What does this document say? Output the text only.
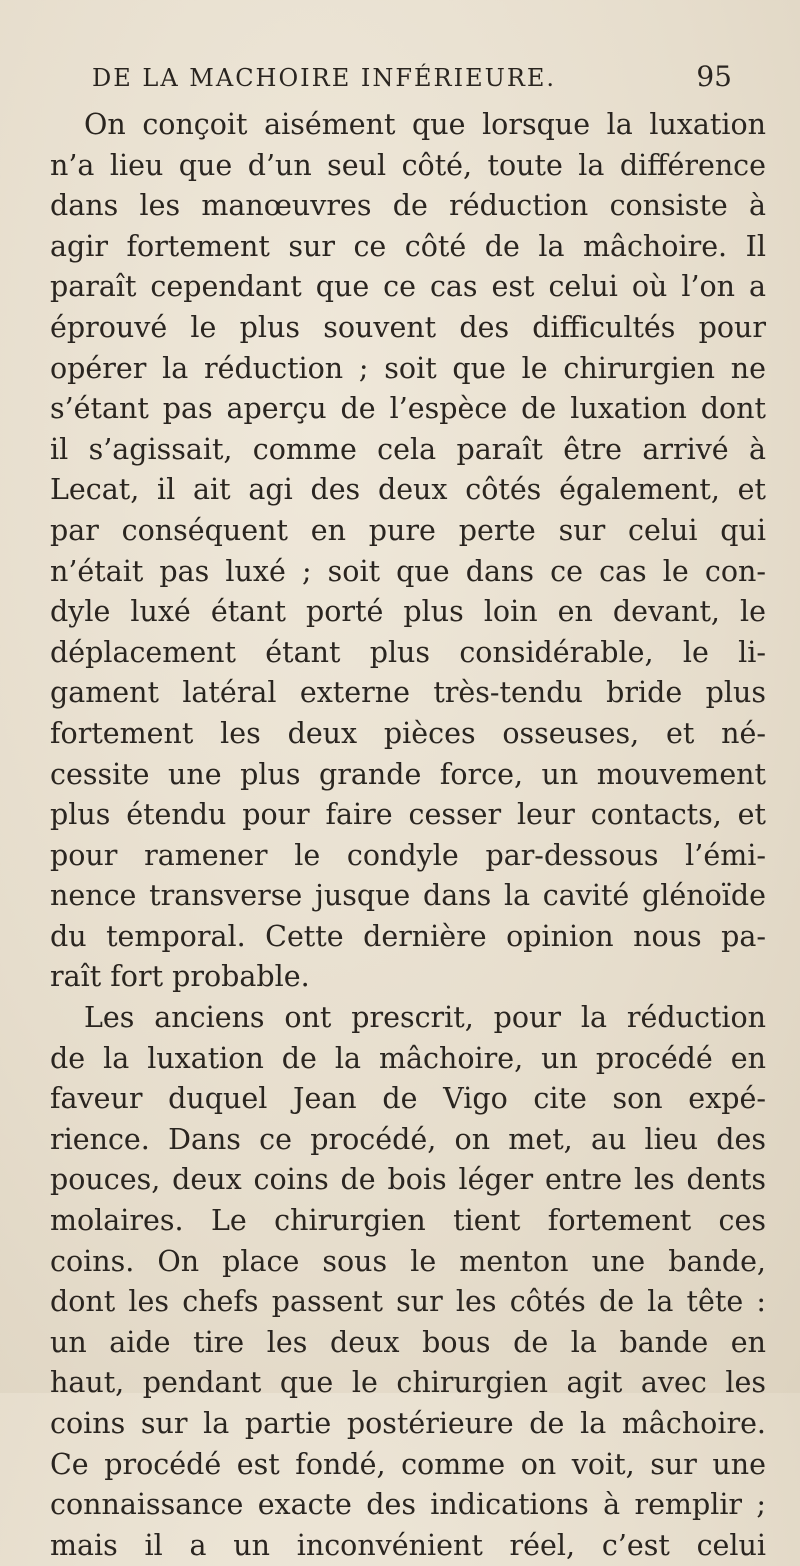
DE LA MACHOIRE INFÉRIEURE.	95
On conçoit aisément que lorsque la luxation
n’a lieu que d’un seul côté, toute la différence
dans les manœuvres de réduction consiste à
agir fortement sur ce côté de la mâchoire. Il
paraît cependant que ce cas est celui où l’on a
éprouvé le plus souvent des difficultés pour
opérer la réduction ; soit que le chirurgien ne
s’étant pas aperçu de l’espèce de luxation dont
il s’agissait, comme cela paraît être arrivé à
Lecat, il ait agi des deux côtés également, et
par conséquent en pure perte sur celui qui
n’était pas luxé ; soit que dans ce cas le con-
dyle luxé étant porté plus loin en devant, le
déplacement étant plus considérable, le li-
gament latéral externe très-tendu bride plus
fortement les deux pièces osseuses, et né-
cessite une plus grande force, un mouvement
plus étendu pour faire cesser leur contacts, et
pour ramener le condyle par-dessous l’émi-
nence transverse jusque dans la cavité glénoïde
du temporal. Cette dernière opinion nous pa-
raît fort probable.
Les anciens ont prescrit, pour la réduction
de la luxation de la mâchoire, un procédé en
faveur duquel Jean de Vigo cite son expé-
rience. Dans ce procédé, on met, au lieu des
pouces, deux coins de bois léger entre les dents
molaires. Le chirurgien tient fortement ces
coins. On place sous le menton une bande,
dont les chefs passent sur les côtés de la tête :
un aide tire les deux bous de la bande en
haut, pendant que le chirurgien agit avec les
coins sur la partie postérieure de la mâchoire.
Ce procédé est fondé, comme on voit, sur une
connaissance exacte des indications à remplir ;
mais il a un inconvénient réel, c’est celui
